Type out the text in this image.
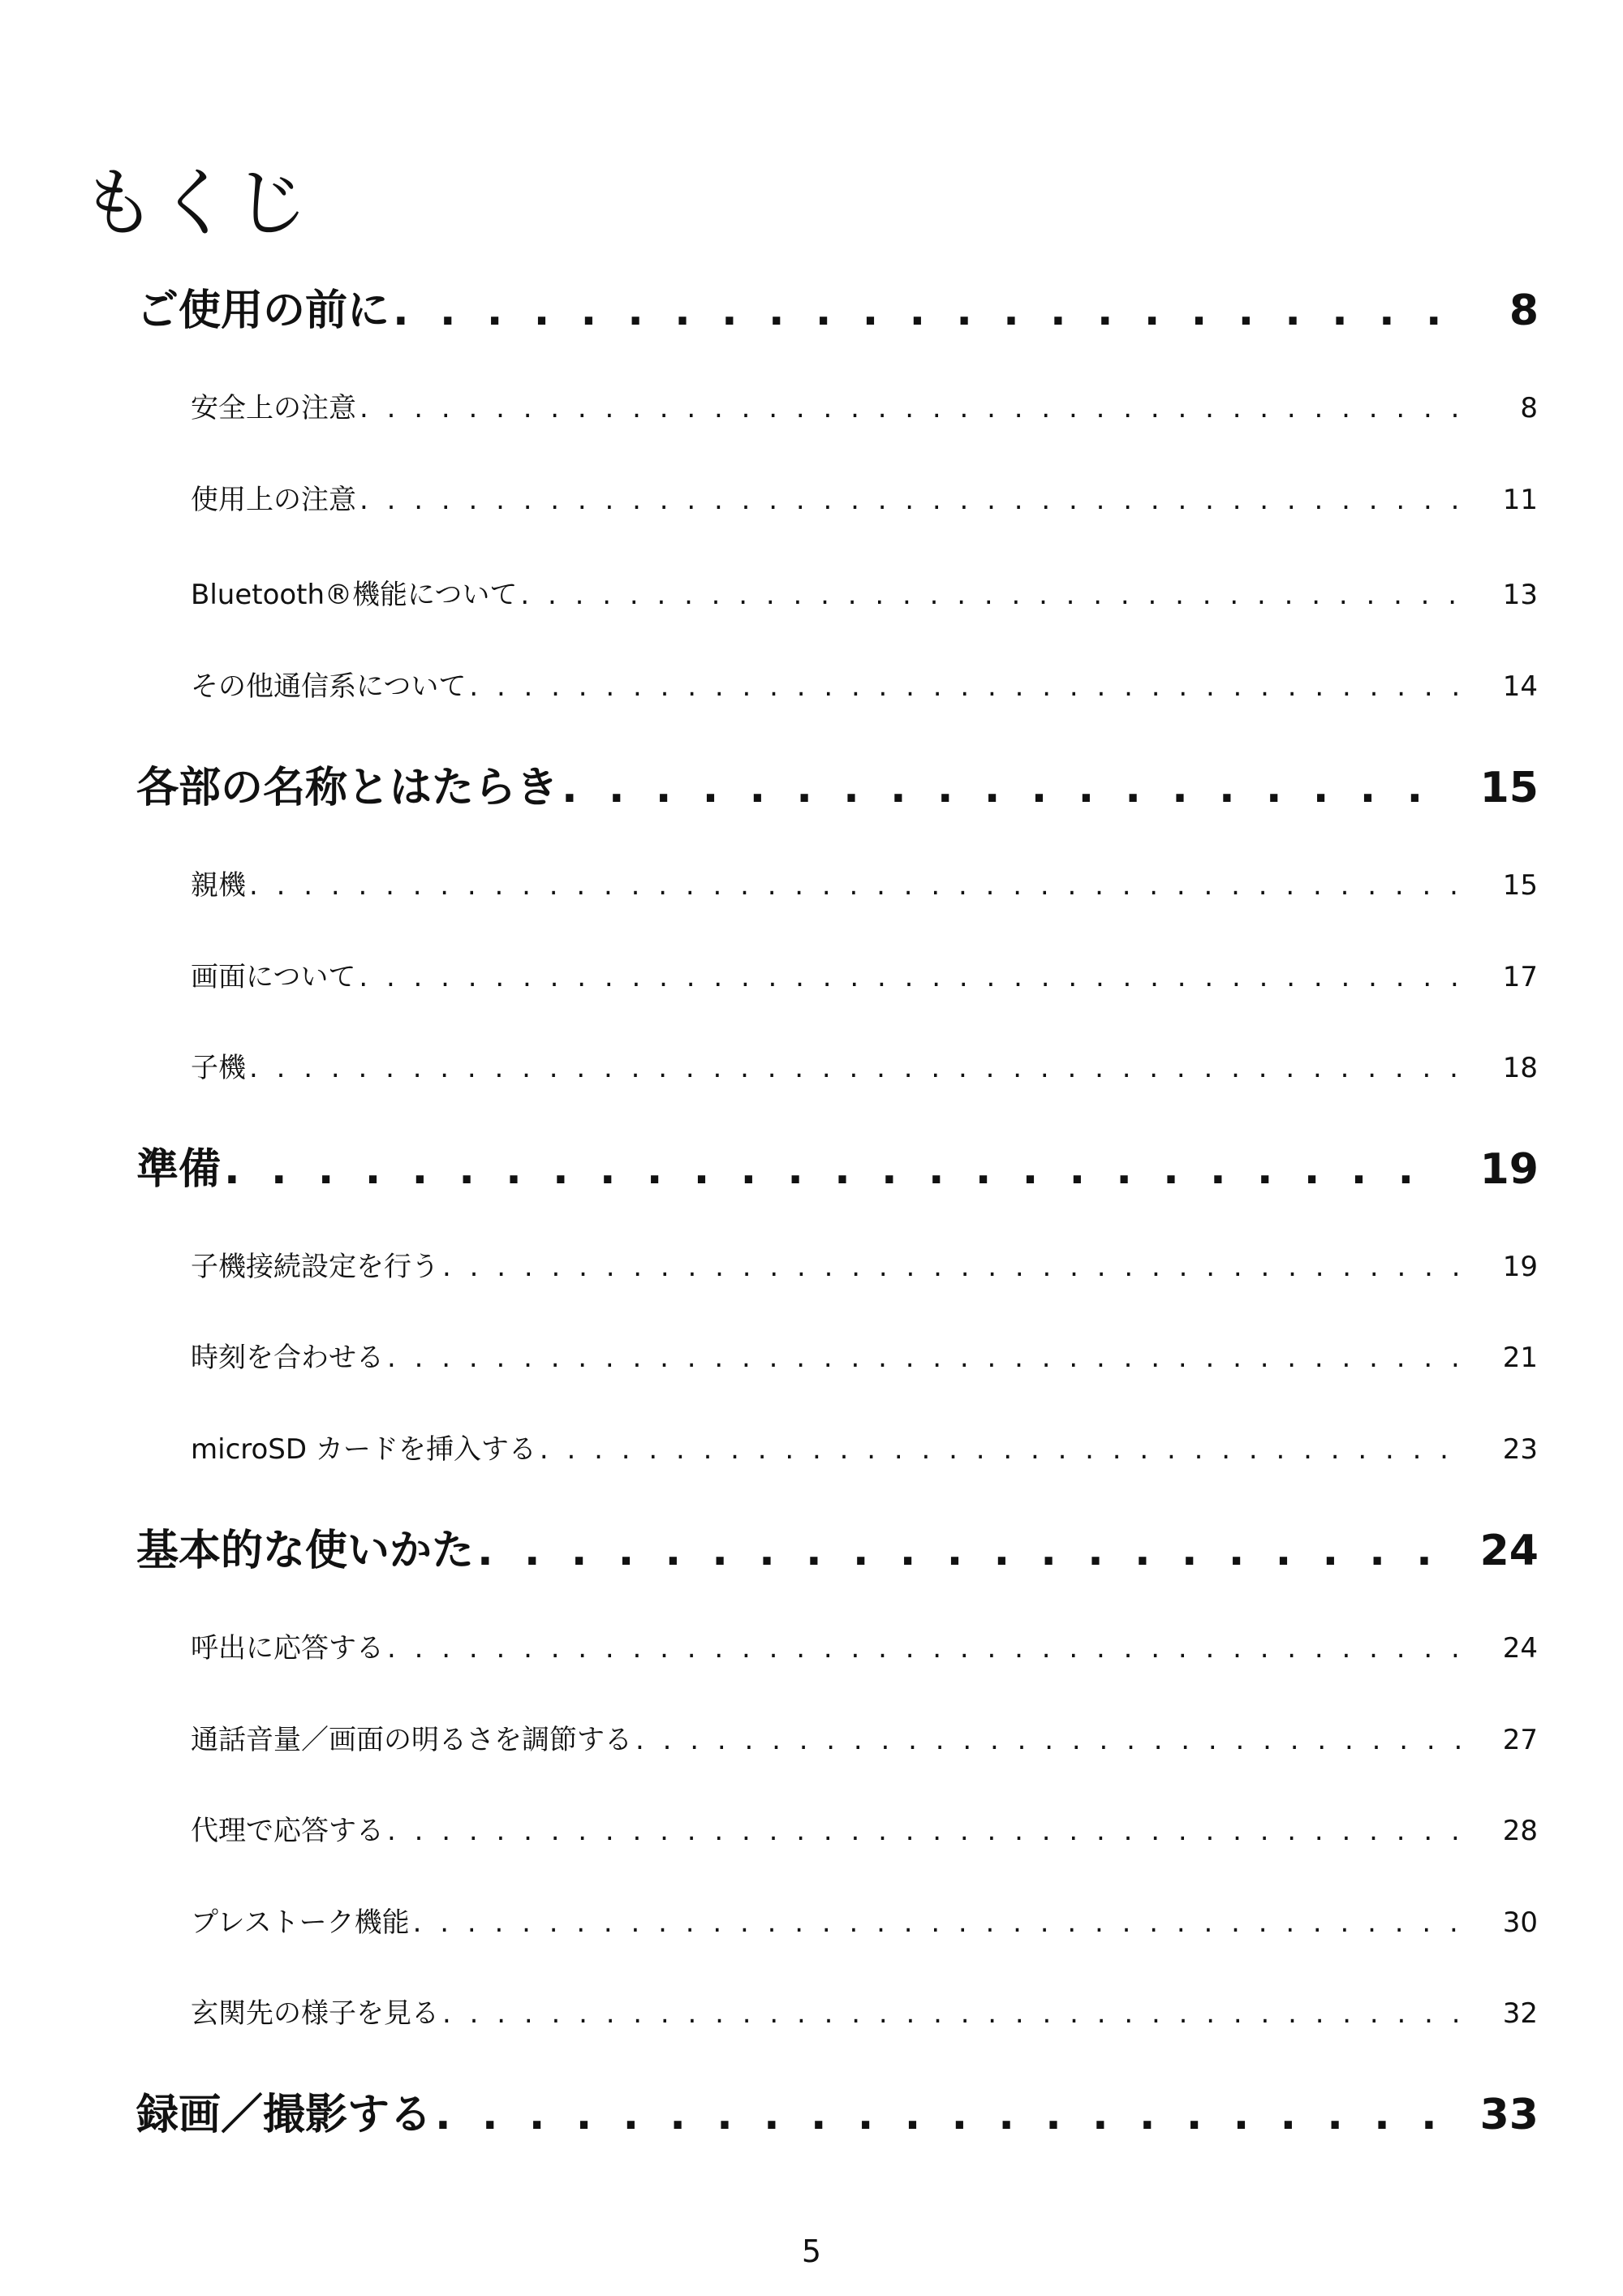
もくじ
ご使用の前に . . .	8
安全上の注意 . . .	8
使用上の注意 . . .	11
Bluetooth®機能について . . .	13
その他通信系について . . .	14
各部の名称とはたらき . . .	15
親機 . . .	15
画面について . . .	17
子機 . . .	18
準備 . . .	19
子機接続設定を行う . . .	19
時刻を合わせる . . .	21
microSD カードを挿入する . . .	23
基本的な使いかた . . .	24
呼出に応答する . . .	24
通話音量／画面の明るさを調節する . . .	27
代理で応答する . . .	28
プレストーク機能 . . .	30
玄関先の様子を見る . . .	32
録画／撮影する . . .	33
5
